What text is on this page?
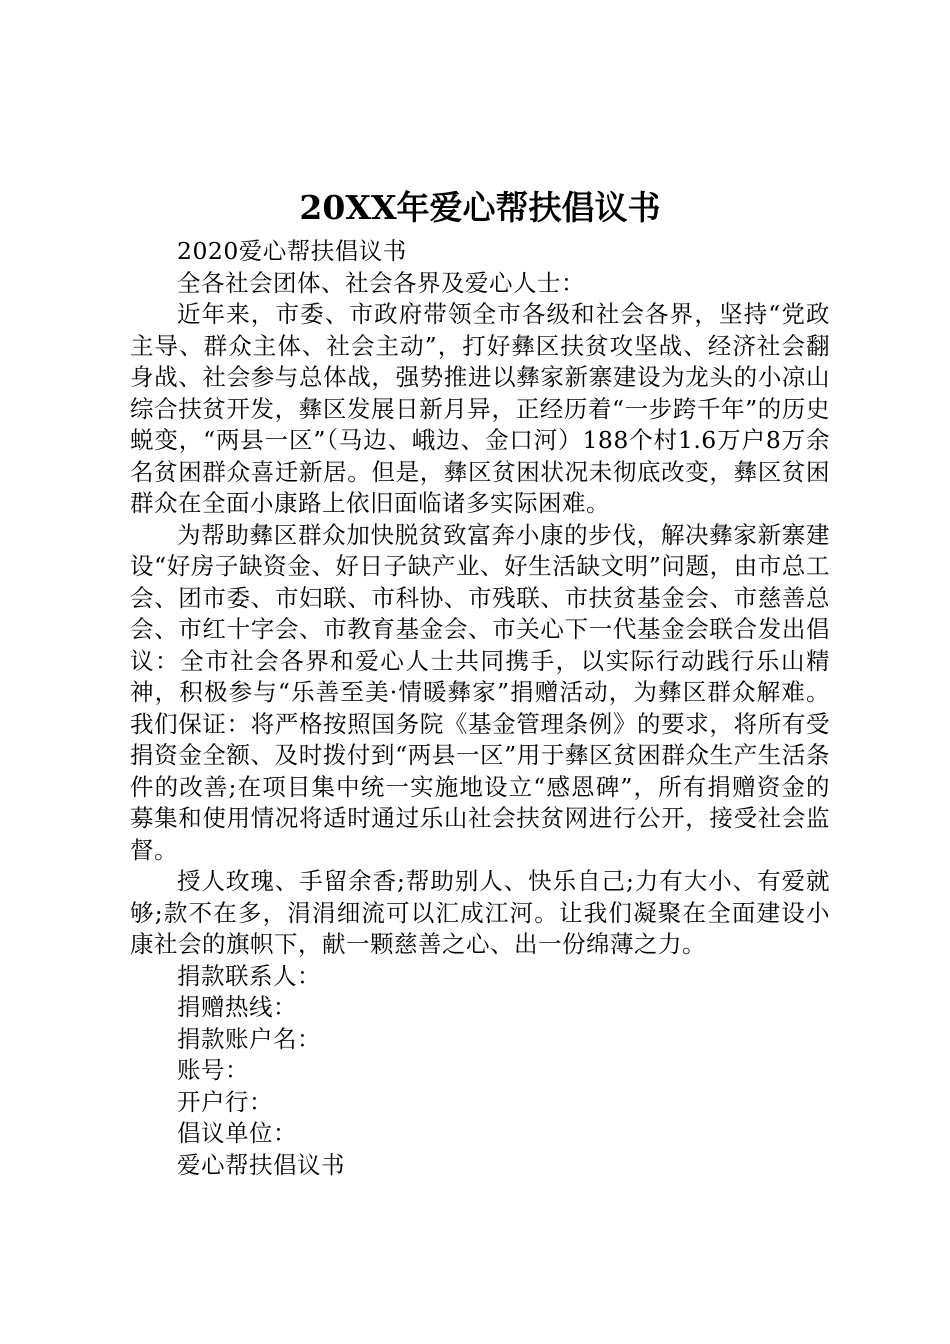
20XX年爱心帮扶倡议书

2020爱心帮扶倡议书

全各社会团体、社会各界及爱心人士：

近年来，市委、市政府带领全市各级和社会各界，坚持“党政主导、群众主体、社会主动”，打好彝区扶贫攻坚战、经济社会翻身战、社会参与总体战，强势推进以彝家新寨建设为龙头的小凉山综合扶贫开发，彝区发展日新月异，正经历着“一步跨千年”的历史蜕变，“两县一区”（马边、峨边、金口河）188个村1.6万户8万余名贫困群众喜迁新居。但是，彝区贫困状况未彻底改变，彝区贫困群众在全面小康路上依旧面临诸多实际困难。

为帮助彝区群众加快脱贫致富奔小康的步伐，解决彝家新寨建设“好房子缺资金、好日子缺产业、好生活缺文明”问题，由市总工会、团市委、市妇联、市科协、市残联、市扶贫基金会、市慈善总会、市红十字会、市教育基金会、市关心下一代基金会联合发出倡议：全市社会各界和爱心人士共同携手，以实际行动践行乐山精神，积极参与“乐善至美·情暖彝家”捐赠活动，为彝区群众解难。我们保证：将严格按照国务院《基金管理条例》的要求，将所有受捐资金全额、及时拨付到“两县一区”用于彝区贫困群众生产生活条件的改善;在项目集中统一实施地设立“感恩碑”，所有捐赠资金的募集和使用情况将适时通过乐山社会扶贫网进行公开，接受社会监督。

授人玫瑰、手留余香;帮助别人、快乐自己;力有大小、有爱就够;款不在多，涓涓细流可以汇成江河。让我们凝聚在全面建设小康社会的旗帜下，献一颗慈善之心、出一份绵薄之力。

捐款联系人：

捐赠热线：

捐款账户名：

账号：

开户行：

倡议单位：

爱心帮扶倡议书
